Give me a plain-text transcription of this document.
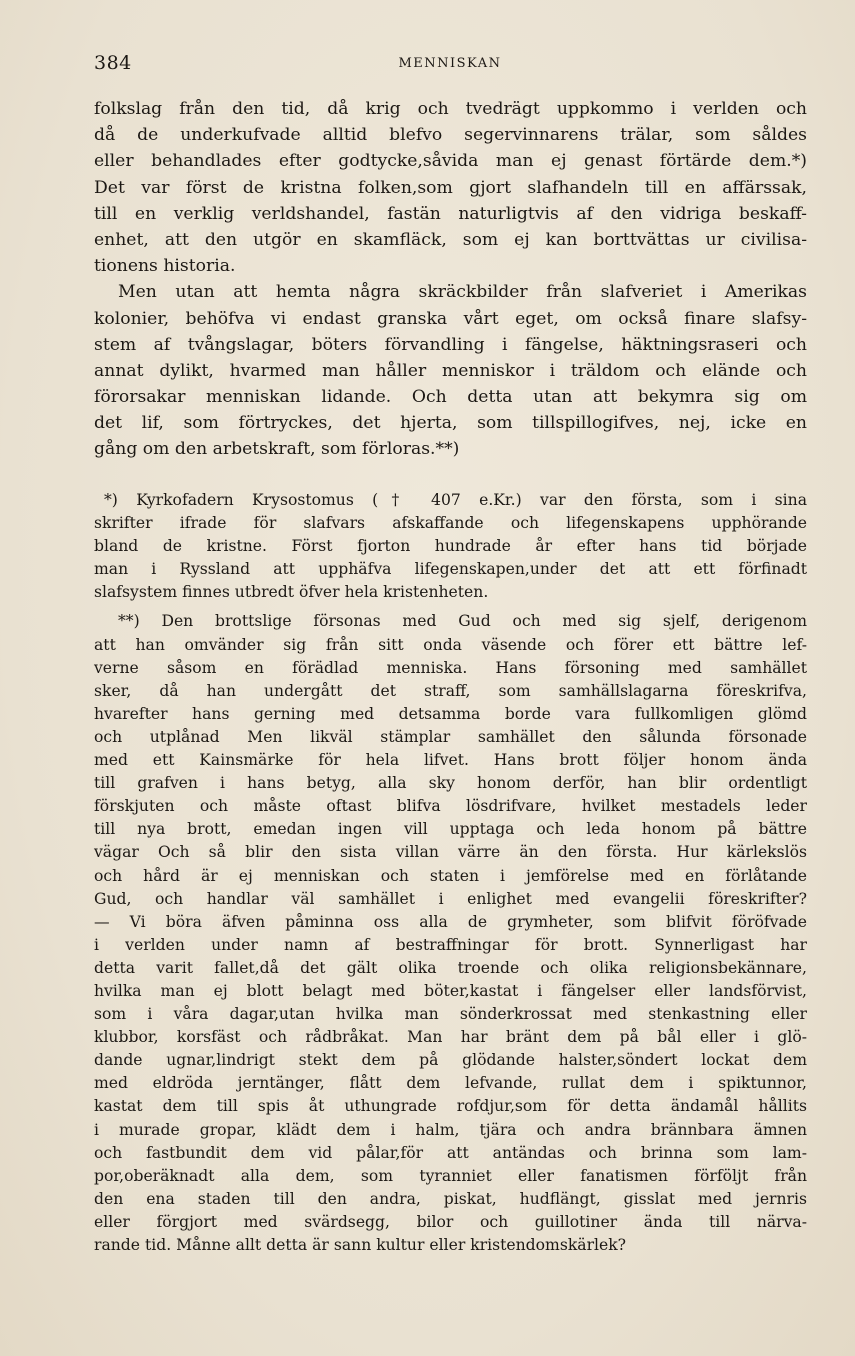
384	MENNISKAN
folkslag från den tid, då krig och tvedrägt uppkommo i verlden och
då de underkufvade alltid blefvo segervinnarens trälar, som såldes
eller behandlades efter godtycke,såvida man ej genast förtärde dem.*)
Det var först de kristna folken,som gjort slafhandeln till en affärssak,
till en verklig verldshandel, fastän naturligtvis af den vidriga beskaff-
enhet, att den utgör en skamfläck, som ej kan borttvättas ur civilisa-
tionens historia.
Men utan att hemta några skräckbilder från slafveriet i Amerikas
kolonier, behöfva vi endast granska vårt eget, om också finare slafsy-
stem af tvångslagar, böters förvandling i fängelse, häktningsraseri och
annat dylikt, hvarmed man håller menniskor i träldom och elände och
förorsakar menniskan lidande. Och detta utan att bekymra sig om
det lif, som förtryckes, det hjerta, som tillspillogifves, nej, icke en
gång om den arbetskraft, som förloras.**)
*) Kyrkofadern Krysostomus († 407 e.Kr.) var den första, som i sina
skrifter ifrade för slafvars afskaffande och lifegenskapens upphörande
bland de kristne. Först fjorton hundrade år efter hans tid började
man i Ryssland att upphäfva lifegenskapen,under det att ett förfinadt
slafsystem finnes utbredt öfver hela kristenheten.
**) Den brottslige försonas med Gud och med sig sjelf, derigenom
att han omvänder sig från sitt onda väsende och förer ett bättre lef-
verne såsom en förädlad menniska. Hans försoning med samhället
sker, då han undergått det straff, som samhällslagarna föreskrifva,
hvarefter hans gerning med detsamma borde vara fullkomligen glömd
och utplånad Men likväl stämplar samhället den sålunda försonade
med ett Kainsmärke för hela lifvet. Hans brott följer honom ända
till grafven i hans betyg, alla sky honom derför, han blir ordentligt
förskjuten och måste oftast blifva lösdrifvare, hvilket mestadels leder
till nya brott, emedan ingen vill upptaga och leda honom på bättre
vägar Och så blir den sista villan värre än den första. Hur kärlekslös
och hård är ej menniskan och staten i jemförelse med en förlåtande
Gud, och handlar väl samhället i enlighet med evangelii föreskrifter?
— Vi böra äfven påminna oss alla de grymheter, som blifvit föröfvade
i verlden under namn af bestraffningar för brott. Synnerligast har
detta varit fallet,då det gält olika troende och olika religionsbekännare,
hvilka man ej blott belagt med böter,kastat i fängelser eller landsförvist,
som i våra dagar,utan hvilka man sönderkrossat med stenkastning eller
klubbor, korsfäst och rådbråkat. Man har bränt dem på bål eller i glö-
dande ugnar,lindrigt stekt dem på glödande halster,söndert lockat dem
med eldröda jerntänger, flått dem lefvande, rullat dem i spiktunnor,
kastat dem till spis åt uthungrade rofdjur,som för detta ändamål hållits
i murade gropar, klädt dem i halm, tjära och andra brännbara ämnen
och fastbundit dem vid pålar,för att antändas och brinna som lam-
por,oberäknadt alla dem, som tyranniet eller fanatismen förföljt från
den ena staden till den andra, piskat, hudflängt, gisslat med jernris
eller förgjort med svärdsegg, bilor och guillotiner ända till närva-
rande tid. Månne allt detta är sann kultur eller kristendomskärlek?
